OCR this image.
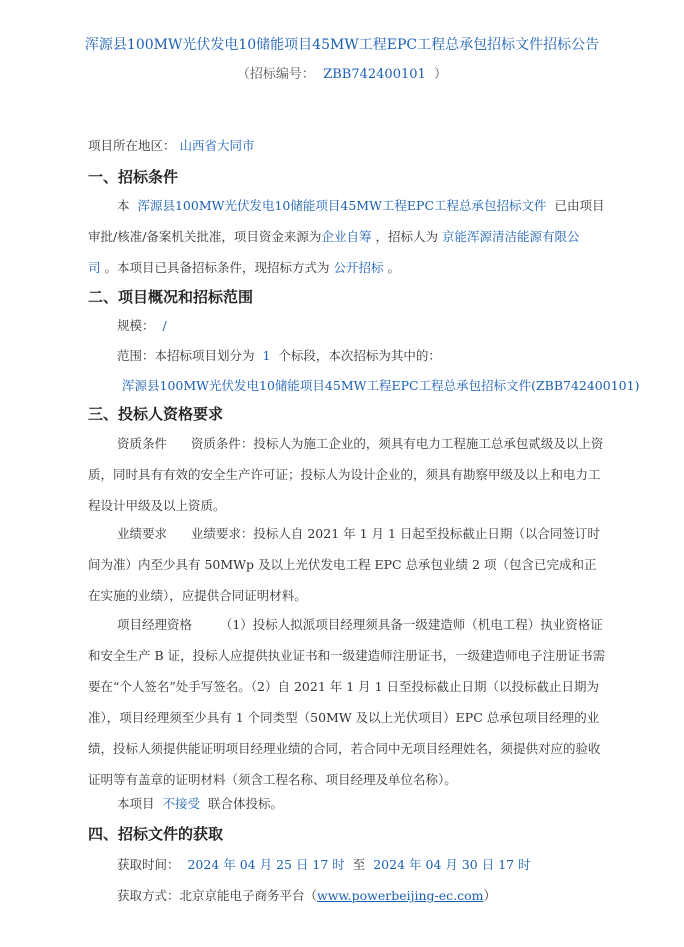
浑源县100MW光伏发电10储能项目45MW工程EPC工程总承包招标文件招标公告
（招标编号： ZBB742400101 ）
项目所在地区： 山西省大同市
一、招标条件
本 浑源县100MW光伏发电10储能项目45MW工程EPC工程总承包招标文件 已由项目审批/核准/备案机关批准，项目资金来源为企业自筹 ，招标人为 京能浑源清洁能源有限公司 。本项目已具备招标条件，现招标方式为 公开招标 。
二、项目概况和招标范围
规模： /
范围：本招标项目划分为 1 个标段，本次招标为其中的：
浑源县100MW光伏发电10储能项目45MW工程EPC工程总承包招标文件(ZBB742400101)
三、投标人资格要求
资质条件 资质条件：投标人为施工企业的，须具有电力工程施工总承包贰级及以上资质，同时具有有效的安全生产许可证；投标人为设计企业的，须具有勘察甲级及以上和电力工程设计甲级及以上资质。
业绩要求 业绩要求：投标人自 2021 年 1 月 1 日起至投标截止日期（以合同签订时间为准）内至少具有 50MWp 及以上光伏发电工程 EPC 总承包业绩 2 项（包含已完成和正在实施的业绩），应提供合同证明材料。
项目经理资格 （1）投标人拟派项目经理须具备一级建造师（机电工程）执业资格证和安全生产 B 证，投标人应提供执业证书和一级建造师注册证书，一级建造师电子注册证书需要在“个人签名”处手写签名。（2）自 2021 年 1 月 1 日至投标截止日期（以投标截止日期为准），项目经理须至少具有 1 个同类型（50MW 及以上光伏项目）EPC 总承包项目经理的业绩，投标人须提供能证明项目经理业绩的合同，若合同中无项目经理姓名，须提供对应的验收证明等有盖章的证明材料（须含工程名称、项目经理及单位名称）。
本项目 不接受 联合体投标。
四、招标文件的获取
获取时间： 2024 年 04 月 25 日 17 时 至 2024 年 04 月 30 日 17 时
获取方式：北京京能电子商务平台（www.powerbeijing-ec.com）
